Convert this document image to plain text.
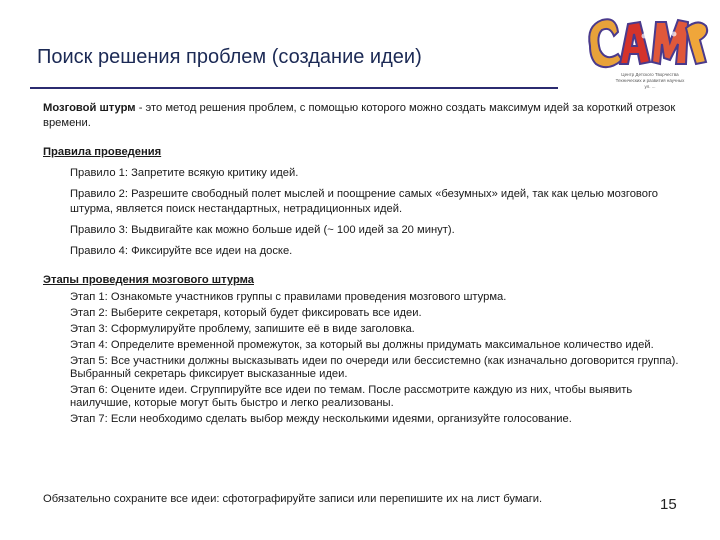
Поиск решения проблем (создание идеи)
Центр Детского Творчества
Технических и развития научных
ул. ...

Мозговой штурм - это метод решения проблем, с помощью которого можно создать максимум идей за короткий отрезок времени.

Правила проведения

Правило 1: Запретите всякую критику идей.

Правило 2: Разрешите свободный полет мыслей и поощрение самых «безумных» идей, так как целью мозгового штурма, является поиск нестандартных, нетрадиционных идей.

Правило 3: Выдвигайте как можно больше идей (~ 100 идей за 20 минут).

Правило 4: Фиксируйте все идеи на доске.

Этапы проведения мозгового штурма

Этап 1: Ознакомьте участников группы с правилами проведения мозгового штурма.

Этап 2: Выберите секретаря, который будет фиксировать все идеи.

Этап 3: Сформулируйте проблему, запишите её в виде заголовка.

Этап 4: Определите временной промежуток, за который вы должны придумать максимальное количество идей.

Этап 5: Все участники должны высказывать идеи по очереди или бессистемно (как изначально договорится группа). Выбранный секретарь фиксирует высказанные идеи.

Этап 6: Оцените идеи. Сгруппируйте все идеи по темам. После рассмотрите каждую из них, чтобы выявить наилучшие, которые могут быть быстро и легко реализованы.

Этап 7: Если необходимо сделать выбор между несколькими идеями, организуйте голосование.

Обязательно сохраните все идеи: сфотографируйте записи или перепишите их на лист бумаги.	15
